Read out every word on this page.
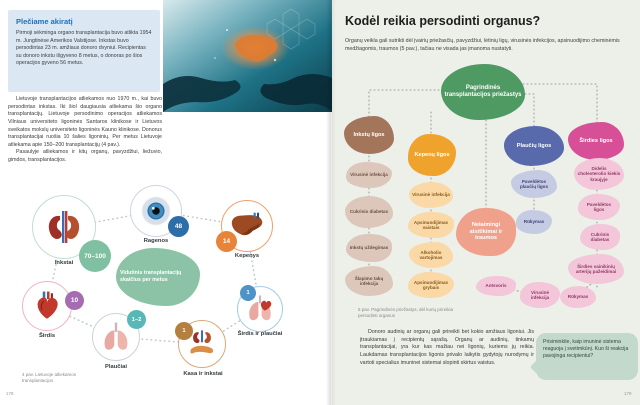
Plečiame akiratį

Pirmoji sėkminga organo transplantacija buvo atlikta 1954 m. Jungtinėse Amerikos Valstijose. Inkstas buvo persodintas 23 m. amžiaus donoro dvyniui. Recipientas su donoro inkstu išgyveno 8 metus, o donoras po šios operacijos gyveno 56 metus.

Lietuvoje transplantacijos atliekamos nuo 1970 m., kai buvo persodintas inkstas. Iki šiol daugiausia atliekama šio organo transplantacijų. Lietuvoje persodinimo operacijos atliekamos Vilniaus universiteto ligoninės Santaros klinikose ir Lietuvos sveikatos mokslų universiteto ligoninės Kauno klinikose. Donorus transplantacijai ruošia 10 šalies ligoninių. Per metus Lietuvoje atliekama apie 150–200 transplantacijų (4 pav.).

Pasaulyje atliekamos ir kitų organų, pavyzdžiui, liežuvio, gimdos, transplantacijos.

Vidutinis transplantacijų skaičius per metus
70–100
Inkstai
48
Ragenos	14
Kepenys
10
Širdis
1–2
Plaučiai
1
Širdis ir plaučiai
1
Kasa ir inkstai
4 pav. Lietuvoje atliekamos transplantacijos
178
Kodėl reikia persodinti organus?
Organų veikla gali sutrikti dėl įvairių priežasčių, pavyzdžiui, lėtinių ligų, virusinės infekcijos, apsinuodijimo cheminėmis medžiagomis, traumos (5 pav.), tačiau ne visada jas įmanoma nustatyti.
Pagrindinės transplantacijos priežastys
Inkstų ligos
Virusinė infekcija
Cukrinis diabetas
Inkstų uždegimas
Šlapimo takų infekcija
Kepenų ligos
Virusinė infekcija
Apsinuodijimas vaistais
Alkoholio vartojimas
Apsinuodijimas grybais
Nelaimingi atsitikimai ir traumos
Plaučių ligos
Paveldėtos plaučių ligos
Rūkymas
Širdies ligos
Didelis cholesterolio kiekis kraujyje
Paveldėtos ligos
Cukrinis diabetas
Širdies vainikinių arterijų pažeidimai
Rūkymas
Virusinė infekcija
Antsvoris
5 pav. Pagrindinės priežastys, dėl kurių prireikia persodinti organus
Donoro audinių ar organų gali prireikti bet kokio amžiaus ligoniui. Jis įtraukiamas į recipientų sąrašą. Organų ar audinių, tinkamų transplantacijai, yra kur kas mažiau nei ligonių, kuriems jų reikia. Laukdamas transplantacijos ligonis privalo laikytis gydytojų nurodymų ir vartoti specialius imuninei sistemai slopinti skirtus vaistus.
Prisiminkite, kaip imuninė sistema reaguoja į svetimkūnį. Kuo ši reakcija pavojinga recipientui?
179
